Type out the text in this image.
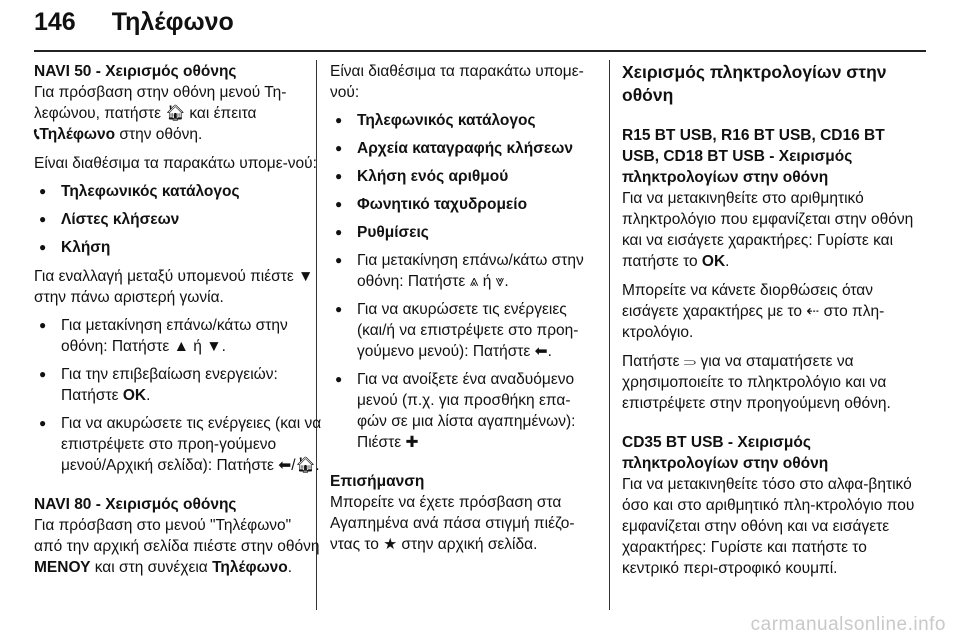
146 Τηλέφωνο

NAVI 50 - Χειρισμός οθόνης

Για πρόσβαση στην οθόνη μενού Τη-λεφώνου, πατήστε 🏠︎ και έπειτα
📞︎Τηλέφωνο στην οθόνη.

Είναι διαθέσιμα τα παρακάτω υπομε-νού:

● Τηλεφωνικός κατάλογος
● Λίστες κλήσεων
● Κλήση

Για εναλλαγή μεταξύ υπομενού πιέστε ▼ στην πάνω αριστερή γωνία.

● Για μετακίνηση επάνω/κάτω στην οθόνη: Πατήστε ▲ ή ▼.
● Για την επιβεβαίωση ενεργειών: Πατήστε OK.
● Για να ακυρώσετε τις ενέργειες (και να επιστρέψετε στο προη-γούμενο μενού/Αρχική σελίδα): Πατήστε ⬅︎/🏠︎.

NAVI 80 - Χειρισμός οθόνης

Για πρόσβαση στο μενού "Τηλέφωνο" από την αρχική σελίδα πιέστε στην οθόνη ΜΕΝΟΥ και στη συνέχεια Τηλέφωνο.

Είναι διαθέσιμα τα παρακάτω υπομε-νού:

● Τηλεφωνικός κατάλογος
● Αρχεία καταγραφής κλήσεων
● Κλήση ενός αριθμού
● Φωνητικό ταχυδρομείο
● Ρυθμίσεις
● Για μετακίνηση επάνω/κάτω στην οθόνη: Πατήστε ⩓ ή ⩔.
● Για να ακυρώσετε τις ενέργειες (και/ή να επιστρέψετε στο προη-γούμενο μενού): Πατήστε ⬅︎.
● Για να ανοίξετε ένα αναδυόμενο μενού (π.χ. για προσθήκη επα-φών σε μια λίστα αγαπημένων): Πιέστε ✚

Επισήμανση

Μπορείτε να έχετε πρόσβαση στα Αγαπημένα ανά πάσα στιγμή πιέζο-ντας το ★ στην αρχική σελίδα.

Χειρισμός πληκτρολογίων στην οθόνη

R15 BT USB, R16 BT USB, CD16 BT USB, CD18 BT USB - Χειρισμός πληκτρολογίων στην οθόνη

Για να μετακινηθείτε στο αριθμητικό πληκτρολόγιο που εμφανίζεται στην οθόνη και να εισάγετε χαρακτήρες: Γυρίστε και πατήστε το OK.

Μπορείτε να κάνετε διορθώσεις όταν εισάγετε χαρακτήρες με το ⇠ στο πλη-κτρολόγιο.

Πατήστε ⥰ για να σταματήσετε να χρησιμοποιείτε το πληκτρολόγιο και να επιστρέψετε στην προηγούμενη οθόνη.

CD35 BT USB - Χειρισμός πληκτρολογίων στην οθόνη

Για να μετακινηθείτε τόσο στο αλφα-βητικό όσο και στο αριθμητικό πλη-κτρολόγιο που εμφανίζεται στην οθόνη και να εισάγετε χαρακτήρες: Γυρίστε και πατήστε το κεντρικό περι-στροφικό κουμπί.

carmanualsonline.info
